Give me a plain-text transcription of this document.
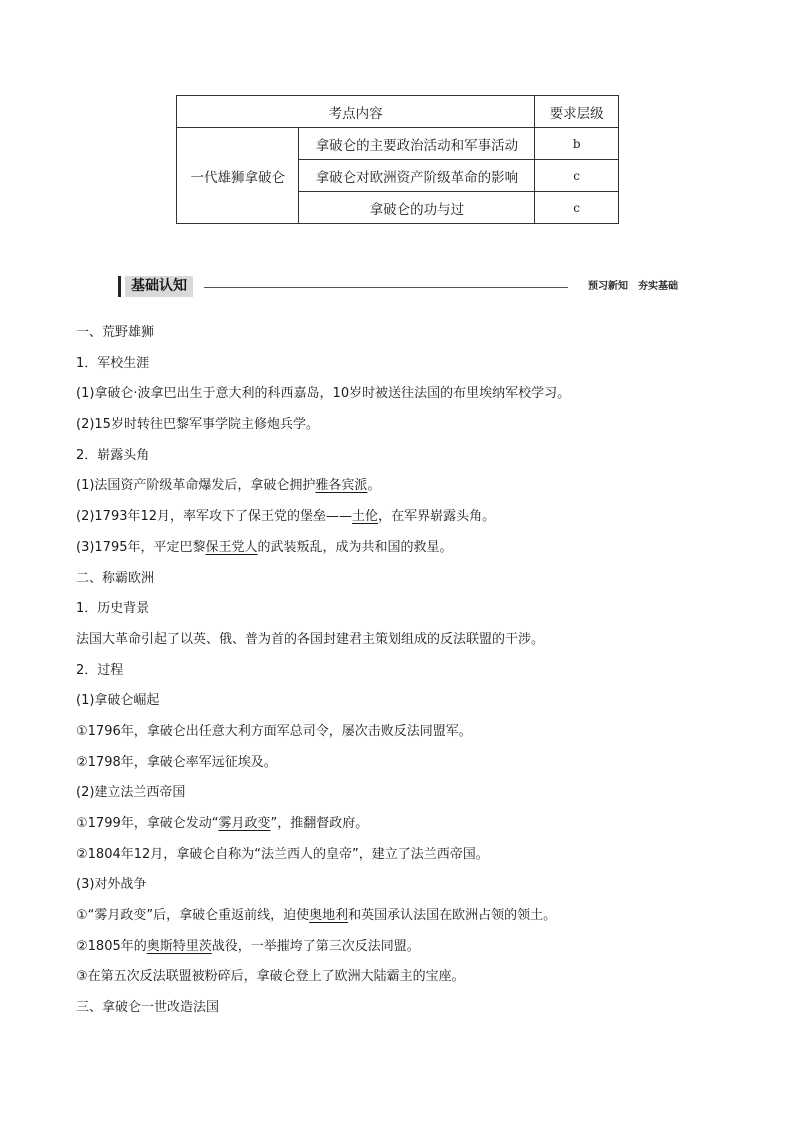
考点内容		要求层级
一代雄狮拿破仑	拿破仑的主要政治活动和军事活动	b
	拿破仑对欧洲资产阶级革命的影响	c
	拿破仑的功与过	c
基础认知	预习新知　夯实基础
一、荒野雄狮
1．军校生涯
(1)拿破仑·波拿巴出生于意大利的科西嘉岛，10岁时被送往法国的布里埃纳军校学习。
(2)15岁时转往巴黎军事学院主修炮兵学。
2．崭露头角
(1)法国资产阶级革命爆发后，拿破仑拥护雅各宾派。
(2)1793年12月，率军攻下了保王党的堡垒——土伦，在军界崭露头角。
(3)1795年，平定巴黎保王党人的武装叛乱，成为共和国的救星。
二、称霸欧洲
1．历史背景
法国大革命引起了以英、俄、普为首的各国封建君主策划组成的反法联盟的干涉。
2．过程
(1)拿破仑崛起
①1796年，拿破仑出任意大利方面军总司令，屡次击败反法同盟军。
②1798年，拿破仑率军远征埃及。
(2)建立法兰西帝国
①1799年，拿破仑发动“雾月政变”，推翻督政府。
②1804年12月，拿破仑自称为“法兰西人的皇帝”，建立了法兰西帝国。
(3)对外战争
①“雾月政变”后，拿破仑重返前线，迫使奥地利和英国承认法国在欧洲占领的领土。
②1805年的奥斯特里茨战役，一举摧垮了第三次反法同盟。
③在第五次反法联盟被粉碎后，拿破仑登上了欧洲大陆霸主的宝座。
三、拿破仑一世改造法国
